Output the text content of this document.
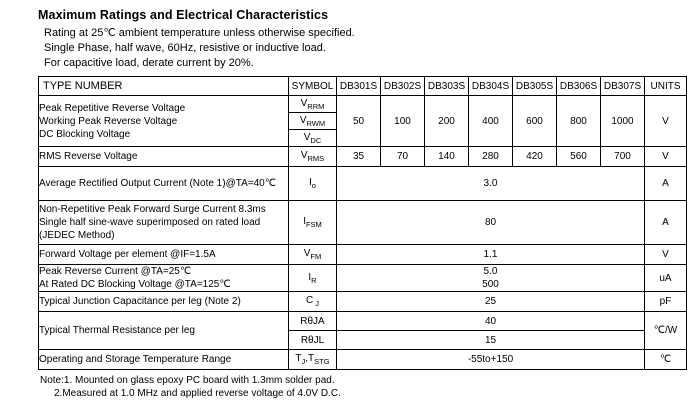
Maximum Ratings and Electrical Characteristics
Rating at 25℃ ambient temperature unless otherwise specified.
Single Phase, half wave, 60Hz, resistive or inductive load.
For capacitive load, derate current by 20%.
TYPE NUMBER	SYMBOL	DB301S	DB302S	DB303S	DB304S	DB305S	DB306S	DB307S	UNITS

Peak Repetitive Reverse Voltage
Working Peak Reverse Voltage
DC Blocking Voltage	$V_{RRM}$	50	100	200	400	600	800	1000	V
	$V_{RWM}$
	$V_{DC}$
RMS Reverse Voltage	$V_{RMS}$	35	70	140	280	420	560	700	V
Average Rectified Output Current (Note 1)@TA=40℃	$I_o$	3.0							A

Non-Repetitive Peak Forward Surge Current 8.3ms
Single half sine-wave superimposed on rated load
(JEDEC Method)	$I_{FSM}$	80							A
Forward Voltage per element @IF=1.5A	$V_{FM}$	1.1							V

Peak Reverse Current @TA=25℃
At Rated DC Blocking Voltage @TA=125℃	$I_R$	5.0							uA
		500							
Typical Junction Capacitance per leg (Note 2)	C $_J$	25							pF
Typical Thermal Resistance per leg	RθJA	40							℃/W
	RθJL	15							
Operating and Storage Temperature Range	$T_J,T_{STG}$	-55to+150							℃
Note:1. Mounted on glass epoxy PC board with 1.3mm solder pad.
2.Measured at 1.0 MHz and applied reverse voltage of 4.0V D.C.
